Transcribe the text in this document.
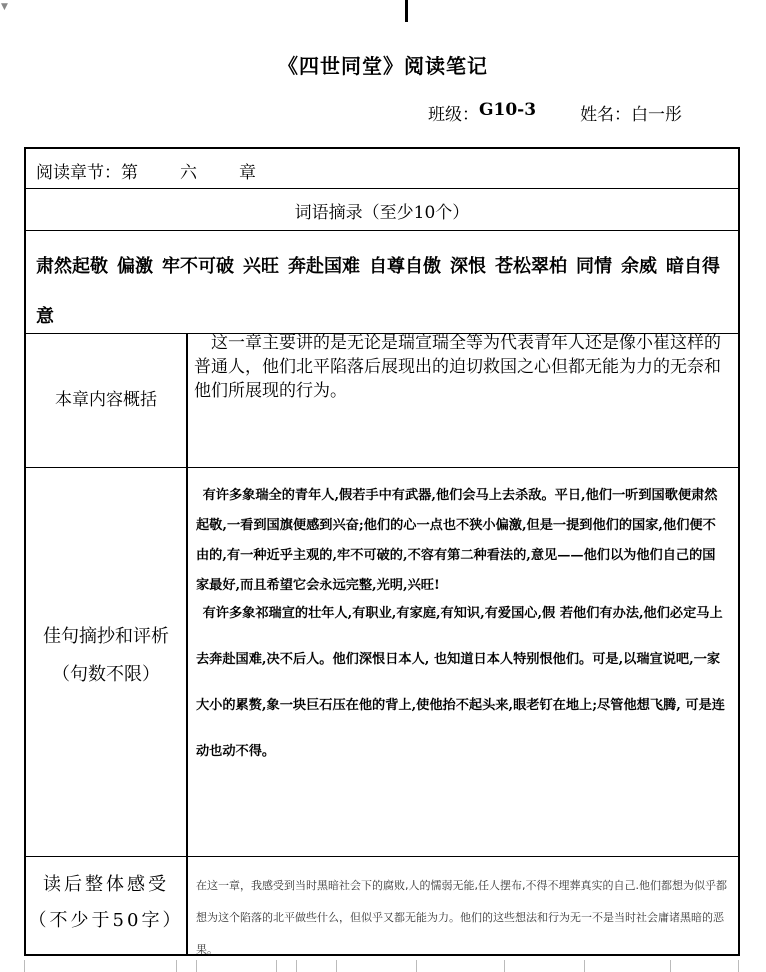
▼
《四世同堂》阅读笔记
班级： G10-3	姓名： 白一彤
阅读章节：第 六 章
词语摘录（至少10个）
肃然起敬 偏激 牢不可破 兴旺 奔赴国难 自尊自傲 深恨 苍松翠柏 同情 余威 暗自得意
本章内容概括
这一章主要讲的是无论是瑞宣瑞全等为代表青年人还是像小崔这样的普通人，他们北平陷落后展现出的迫切救国之心但都无能为力的无奈和他们所展现的行为。
佳句摘抄和评析
（句数不限）
有许多象瑞全的青年人,假若手中有武器,他们会马上去杀敌。平日,他们一听到国歌便肃然起敬,一看到国旗便感到兴奋;他们的心一点也不狭小偏激,但是一提到他们的国家,他们便不由的,有一种近乎主观的,牢不可破的,不容有第二种看法的,意见——他们以为他们自己的国家最好,而且希望它会永远完整,光明,兴旺!
有许多象祁瑞宣的壮年人,有职业,有家庭,有知识,有爱国心,假 若他们有办法,他们必定马上去奔赴国难,决不后人。他们深恨日本人, 也知道日本人特别恨他们。可是,以瑞宣说吧,一家大小的累赘,象一块巨石压在他的背上,使他抬不起头来,眼老钉在地上;尽管他想飞腾, 可是连动也动不得。
读后整体感受
（不少于50字）
在这一章，我感受到当时黑暗社会下的腐败,人的懦弱无能,任人摆布,不得不埋葬真实的自己.他们都想为似乎都想为这个陷落的北平做些什么，但似乎又都无能为力。他们的这些想法和行为无一不是当时社会庸诸黑暗的恶果。
